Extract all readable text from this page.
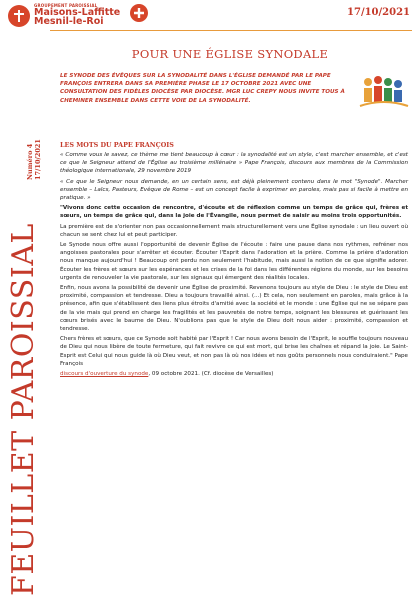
GROUPEMENT PAROISSIAL
Maisons-Laffitte
Mesnil-le-Roi
17/10/2021
FEUILLET PAROISSIAL
Numéro 4 17/10/2021
POUR UNE ÉGLISE SYNODALE
LE SYNODE DES ÉVÊQUES SUR LA SYNODALITÉ DANS L'ÉGLISE DEMANDÉ PAR LE PAPE FRANÇOIS ENTRERA DANS SA PREMIÈRE PHASE LE 17 OCTOBRE 2021 AVEC UNE CONSULTATION DES FIDÈLES DIOCÈSE PAR DIOCÈSE. MGR LUC CREPY NOUS INVITE TOUS À CHEMINER ENSEMBLE DANS CETTE VOIE DE LA SYNODALITÉ.
LES MOTS DU PAPE FRANÇOIS

« Comme vous le savez, ce thème me tient beaucoup à cœur : la synodalité est un style, c'est marcher ensemble, et c'est ce que le Seigneur attend de l'Église au troisième millénaire » Pape François, discours aux membres de la Commission théologique internationale, 29 novembre 2019

« Ce que le Seigneur nous demande, en un certain sens, est déjà pleinement contenu dans le mot "Synode". Marcher ensemble – Laïcs, Pasteurs, Evêque de Rome – est un concept facile à exprimer en paroles, mais pas si facile à mettre en pratique. »

"Vivons donc cette occasion de rencontre, d'écoute et de réflexion comme un temps de grâce qui, frères et sœurs, un temps de grâce qui, dans la joie de l'Évangile, nous permet de saisir au moins trois opportunités.

La première est de s'orienter non pas occasionnellement mais structurellement vers une Église synodale : un lieu ouvert où chacun se sent chez lui et peut participer.

Le Synode nous offre aussi l'opportunité de devenir Église de l'écoute : faire une pause dans nos rythmes, refréner nos angoisses pastorales pour s'arrêter et écouter. Écouter l'Esprit dans l'adoration et la prière. Comme la prière d'adoration nous manque aujourd'hui ! Beaucoup ont perdu non seulement l'habitude, mais aussi la notion de ce que signifie adorer. Écouter les frères et sœurs sur les espérances et les crises de la foi dans les différentes régions du monde, sur les besoins urgents de renouveler la vie pastorale, sur les signaux qui émergent des réalités locales.

Enfin, nous avons la possibilité de devenir une Église de proximité. Revenons toujours au style de Dieu : le style de Dieu est proximité, compassion et tendresse. Dieu a toujours travaillé ainsi. (...) Et cela, non seulement en paroles, mais grâce à la présence, afin que s'établissent des liens plus étroits d'amitié avec la société et le monde : une Église qui ne se sépare pas de la vie mais qui prend en charge les fragilités et les pauvretés de notre temps, soignant les blessures et guérissant les cœurs brisés avec le baume de Dieu. N'oublions pas que le style de Dieu doit nous aider : proximité, compassion et tendresse.

Chers frères et sœurs, que ce Synode soit habité par l'Esprit ! Car nous avons besoin de l'Esprit, le souffle toujours nouveau de Dieu qui nous libère de toute fermeture, qui fait revivre ce qui est mort, qui brise les chaînes et répand la joie. Le Saint-Esprit est Celui qui nous guide là où Dieu veut, et non pas là où nos idées et nos goûts personnels nous conduiraient." Pape François

discours d'ouverture du synode, 09 octobre 2021. (Cf. diocèse de Versailles)
